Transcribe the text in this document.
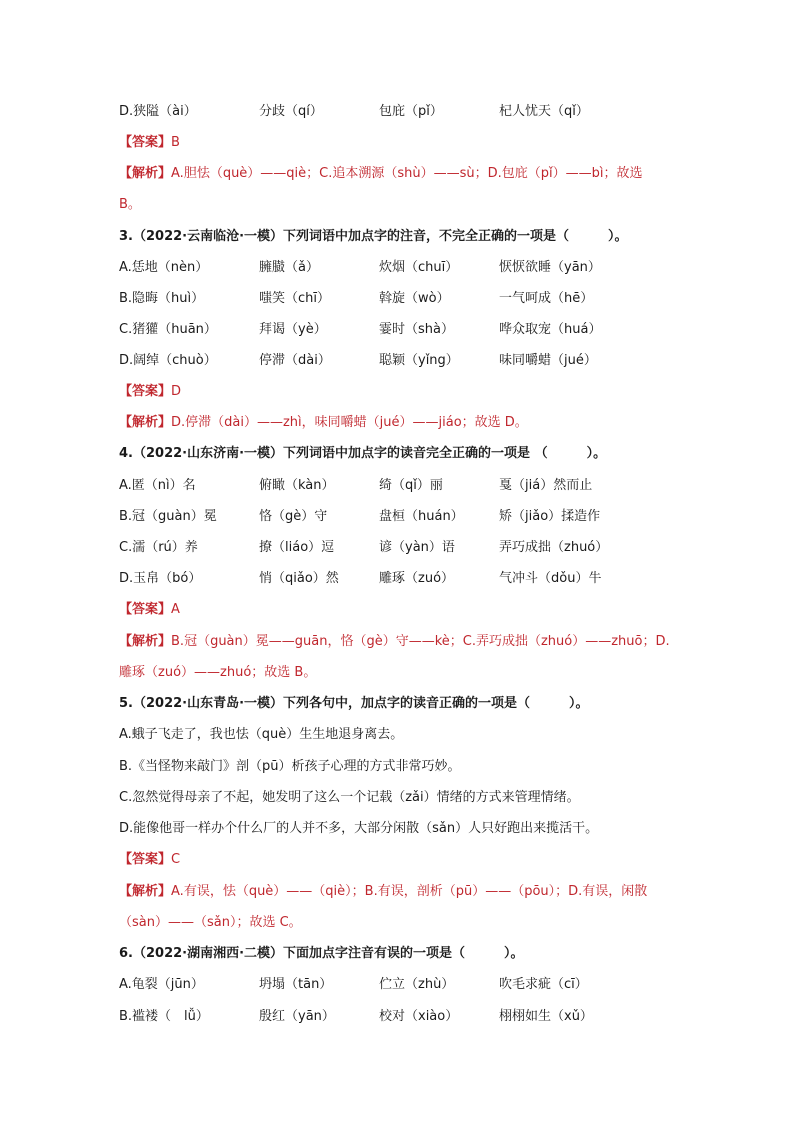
D.狭隘（ài）	分歧（qí）	包庇（pǐ）	杞人忧天（qǐ）
【答案】B
【解析】A.胆怯（què）——qiè；C.追本溯源（shù）——sù；D.包庇（pǐ）——bì；故选
B。
3.（2022·云南临沧·一模）下列词语中加点字的注音，不完全正确的一项是（　　　）。
A.恁地（nèn）	臃臌（ǎ）	炊烟（chuī）	恹恹欲睡（yān）
B.隐晦（huì）	嗤笑（chī）	斡旋（wò）	一气呵成（hē）
C.猪獾（huān）	拜谒（yè）	霎时（shà）	哗众取宠（huá）
D.阔绰（chuò）	停滞（dài）	聪颖（yǐng）	味同嚼蜡（jué）
【答案】D
【解析】D.停滞（dài）——zhì，味同嚼蜡（jué）——jiáo；故选 D。
4.（2022·山东济南·一模）下列词语中加点字的读音完全正确的一项是 （　　　）。
A.匿（nì）名	俯瞰（kàn）	绮（qǐ）丽	戛（jiá）然而止
B.冠（guàn）冕	恪（gè）守	盘桓（huán）	矫（jiǎo）揉造作
C.濡（rú）养	撩（liáo）逗	谚（yàn）语	弄巧成拙（zhuó）
D.玉帛（bó）	悄（qiǎo）然	雕琢（zuó）	气冲斗（dǒu）牛
【答案】A
【解析】B.冠（guàn）冕——guān，恪（gè）守——kè；C.弄巧成拙（zhuó）——zhuō；D.
雕琢（zuó）——zhuó；故选 B。
5.（2022·山东青岛·一模）下列各句中，加点字的读音正确的一项是（　　　）。
A.蛾子飞走了，我也怯（què）生生地退身离去。
B.《当怪物来敲门》剖（pū）析孩子心理的方式非常巧妙。
C.忽然觉得母亲了不起，她发明了这么一个记载（zǎi）情绪的方式来管理情绪。
D.能像他哥一样办个什么厂的人并不多，大部分闲散（sǎn）人只好跑出来揽活干。
【答案】C
【解析】A.有误，怯（què）——（qiè）；B.有误，剖析（pū）——（pōu）；D.有误，闲散
（sàn）——（sǎn）；故选 C。
6.（2022·湖南湘西·二模）下面加点字注音有误的一项是（　　　）。
A.龟裂（jūn）	坍塌（tān）	伫立（zhù）	吹毛求疵（cī）
B.褴褛（　lǚ）	殷红（yān）	校对（xiào）	栩栩如生（xǔ）
